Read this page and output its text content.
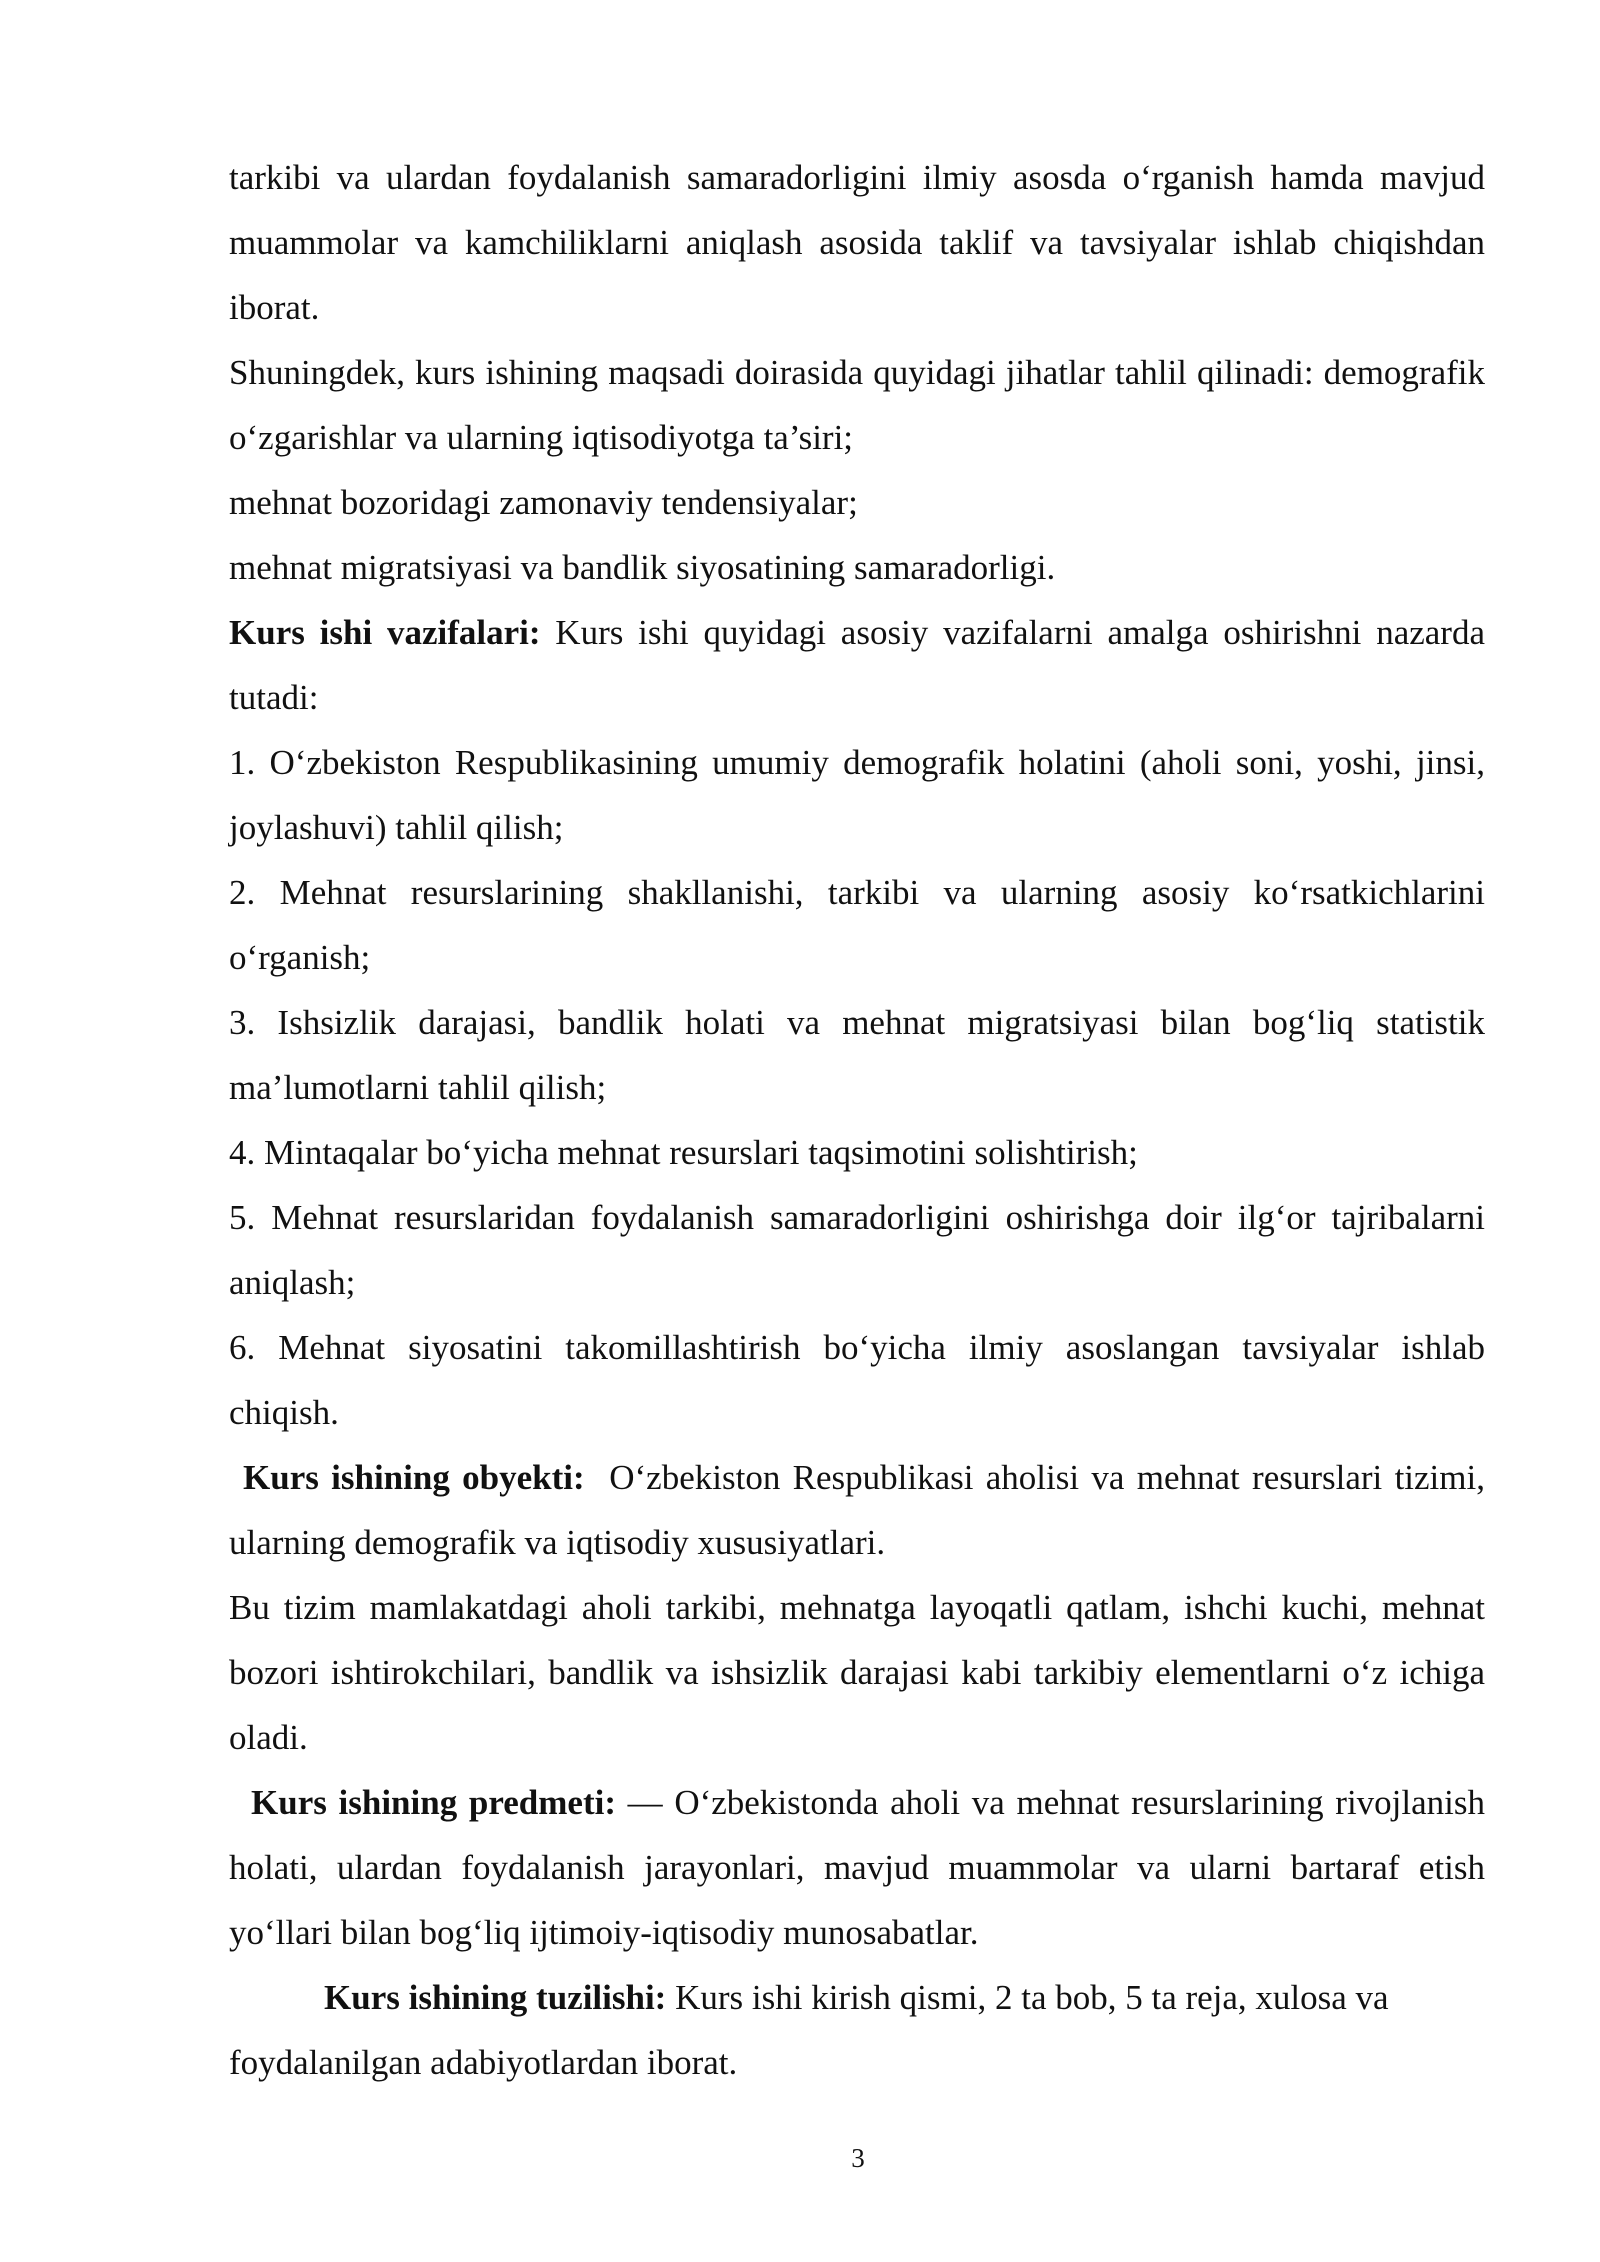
tarkibi va ulardan foydalanish samaradorligini ilmiy asosda o‘rganish hamda mavjud muammolar va kamchiliklarni aniqlash asosida taklif va tavsiyalar ishlab chiqishdan iborat.

Shuningdek, kurs ishining maqsadi doirasida quyidagi jihatlar tahlil qilinadi: demografik o‘zgarishlar va ularning iqtisodiyotga ta’siri;

mehnat bozoridagi zamonaviy tendensiyalar;

mehnat migratsiyasi va bandlik siyosatining samaradorligi.

Kurs ishi vazifalari: Kurs ishi quyidagi asosiy vazifalarni amalga oshirishni nazarda tutadi:

1. O‘zbekiston Respublikasining umumiy demografik holatini (aholi soni, yoshi, jinsi, joylashuvi) tahlil qilish;

2. Mehnat resurslarining shakllanishi, tarkibi va ularning asosiy ko‘rsatkichlarini o‘rganish;

3. Ishsizlik darajasi, bandlik holati va mehnat migratsiyasi bilan bog‘liq statistik ma’lumotlarni tahlil qilish;

4. Mintaqalar bo‘yicha mehnat resurslari taqsimotini solishtirish;

5. Mehnat resurslaridan foydalanish samaradorligini oshirishga doir ilg‘or tajribalarni aniqlash;

6. Mehnat siyosatini takomillashtirish bo‘yicha ilmiy asoslangan tavsiyalar ishlab chiqish.

Kurs ishining obyekti:  O‘zbekiston Respublikasi aholisi va mehnat resurslari tizimi, ularning demografik va iqtisodiy xususiyatlari.

Bu tizim mamlakatdagi aholi tarkibi, mehnatga layoqatli qatlam, ishchi kuchi, mehnat bozori ishtirokchilari, bandlik va ishsizlik darajasi kabi tarkibiy elementlarni o‘z ichiga oladi.

Kurs ishining predmeti: — O‘zbekistonda aholi va mehnat resurslarining rivojlanish holati, ulardan foydalanish jarayonlari, mavjud muammolar va ularni bartaraf etish yo‘llari bilan bog‘liq ijtimoiy-iqtisodiy munosabatlar.

Kurs ishining tuzilishi: Kurs ishi kirish qismi, 2 ta bob, 5 ta reja, xulosa va foydalanilgan adabiyotlardan iborat.

3
